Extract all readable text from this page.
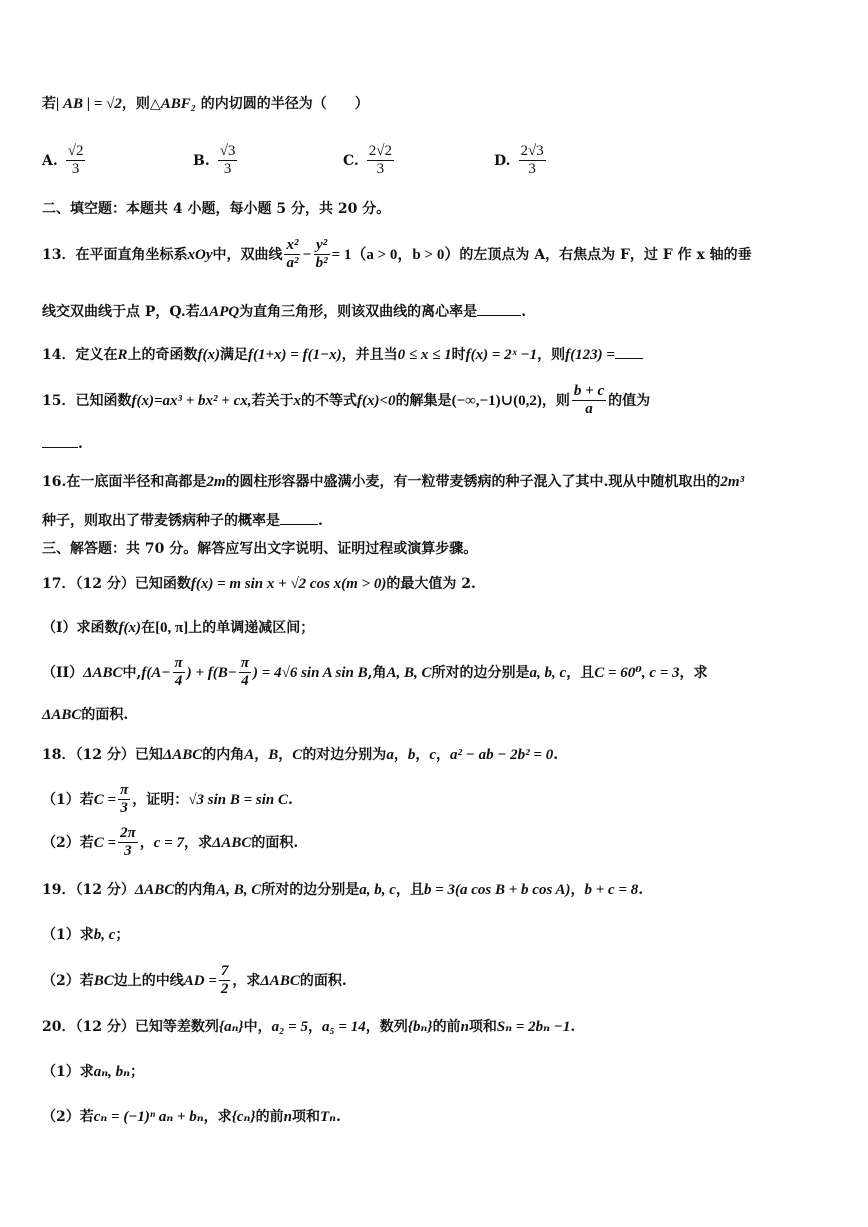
若| AB | = √2，则△ABF₂ 的内切圆的半径为（　　）
A. $\frac{√2}{3}$	B. $\frac{√3}{3}$	C. $\frac{2√2}{3}$	D. $\frac{2√3}{3}$
二、填空题：本题共 4 小题，每小题 5 分，共 20 分。
13．在平面直角坐标系xOy中，双曲线 $\frac{\text{x²}}{\text{a²}} - \frac{\text{y²}}{\text{b²}} = 1(a > 0$，b > 0）的左顶点为 A，右焦点为 F，过 F 作 x 轴的垂
线交双曲线于点 P，Q.若ΔAPQ为直角三角形，则该双曲线的离心率是	.
14．定义在R上的奇函数f(x)满足f(1+x) = f(1−x)，并且当0 ≤ x ≤ 1时f(x) = 2ˣ −1，则f(123) =
15．已知函数f(x)=ax³ + bx² + cx,若关于x的不等式f(x)<0的解集是(−∞,−1)∪(0,2)，则 $\frac{b + c}{a}$ 的值为
.
16.在一底面半径和高都是2m的圆柱形容器中盛满小麦，有一粒带麦锈病的种子混入了其中.现从中随机取出的2m³
种子，则取出了带麦锈病种子的概率是	.
三、解答题：共 70 分。解答应写出文字说明、证明过程或演算步骤。
17．（12 分）已知函数f(x) = m sin x + √2 cos x(m > 0)的最大值为 2.
（I）求函数f(x)在[0, π]上的单调递减区间；
（II）ΔABC中$,f(A- \frac{\pi}{4}$ ) + $f(B- \frac{\pi}{4}$ ) = 4√6 sin A sin B,角A, B, C所对的边分别是a, b, c，且C = 60⁰, c = 3，求
ΔABC的面积.
18．（12 分）已知ΔABC的内角A，B，C的对边分别为a，b，c，a² − ab − 2b² = 0.
（1）若$C = \frac{\pi}{3}$ ，证明：√3 sin B = sin C.
（2）若$C = \frac{2\pi}{3}$ ，c = 7，求ΔABC的面积.
19．（12 分）ΔABC的内角A, B, C所对的边分别是a, b, c，且b = 3(a cos B + b cos A)，b + c = 8.
（1）求b, c；
（2）若BC边上的中线AD = $\frac{7}{2}$ ，求ΔABC的面积.
20．（12 分）已知等差数列{aₙ}中，a₂ = 5，a₅ = 14，数列{bₙ}的前n项和Sₙ = 2bₙ −1.
（1）求aₙ, bₙ；
（2）若cₙ = (−1)ⁿ aₙ + bₙ，求{cₙ}的前n项和Tₙ.
